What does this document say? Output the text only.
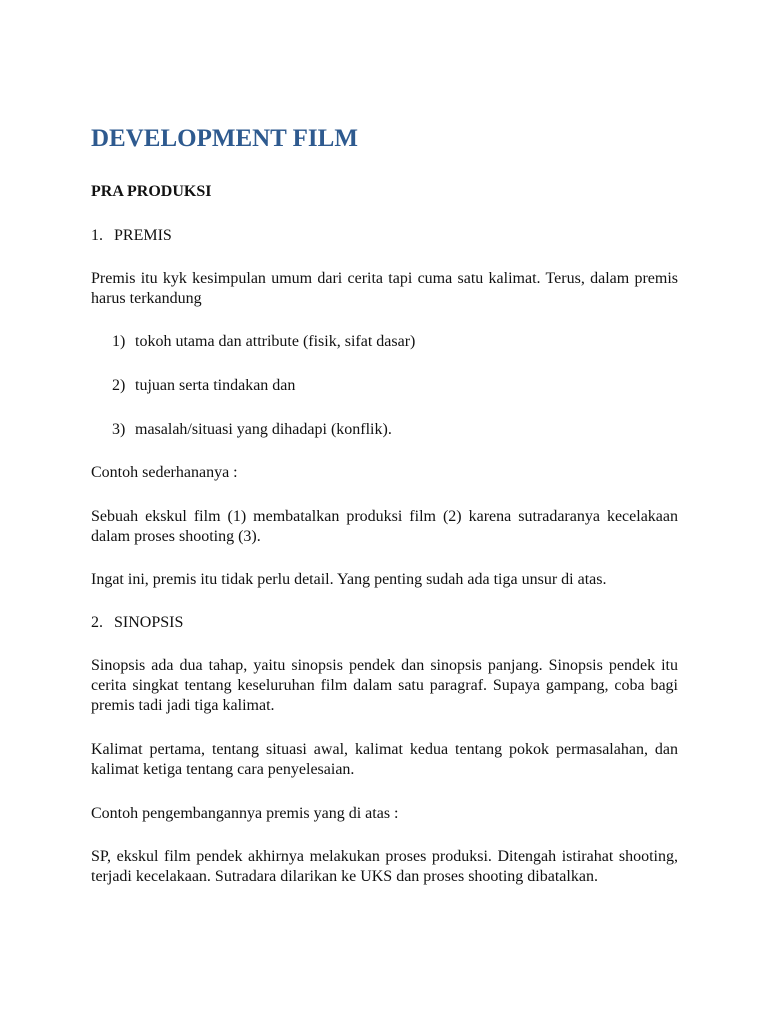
DEVELOPMENT FILM
PRA PRODUKSI
1. PREMIS

Premis itu kyk kesimpulan umum dari cerita tapi cuma satu kalimat. Terus, dalam premis harus terkandung

1) tokoh utama dan attribute (fisik, sifat dasar)
2) tujuan serta tindakan dan
3) masalah/situasi yang dihadapi (konflik).

Contoh sederhananya :

Sebuah ekskul film (1) membatalkan produksi film (2) karena sutradaranya kecelakaan dalam proses shooting (3).

Ingat ini, premis itu tidak perlu detail. Yang penting sudah ada tiga unsur di atas.

2. SINOPSIS

Sinopsis ada dua tahap, yaitu sinopsis pendek dan sinopsis panjang. Sinopsis pendek itu cerita singkat tentang keseluruhan film dalam satu paragraf. Supaya gampang, coba bagi premis tadi jadi tiga kalimat.

Kalimat pertama, tentang situasi awal, kalimat kedua tentang pokok permasalahan, dan kalimat ketiga tentang cara penyelesaian.

Contoh pengembangannya premis yang di atas :

SP, ekskul film pendek akhirnya melakukan proses produksi. Ditengah istirahat shooting, terjadi kecelakaan. Sutradara dilarikan ke UKS dan proses shooting dibatalkan.
